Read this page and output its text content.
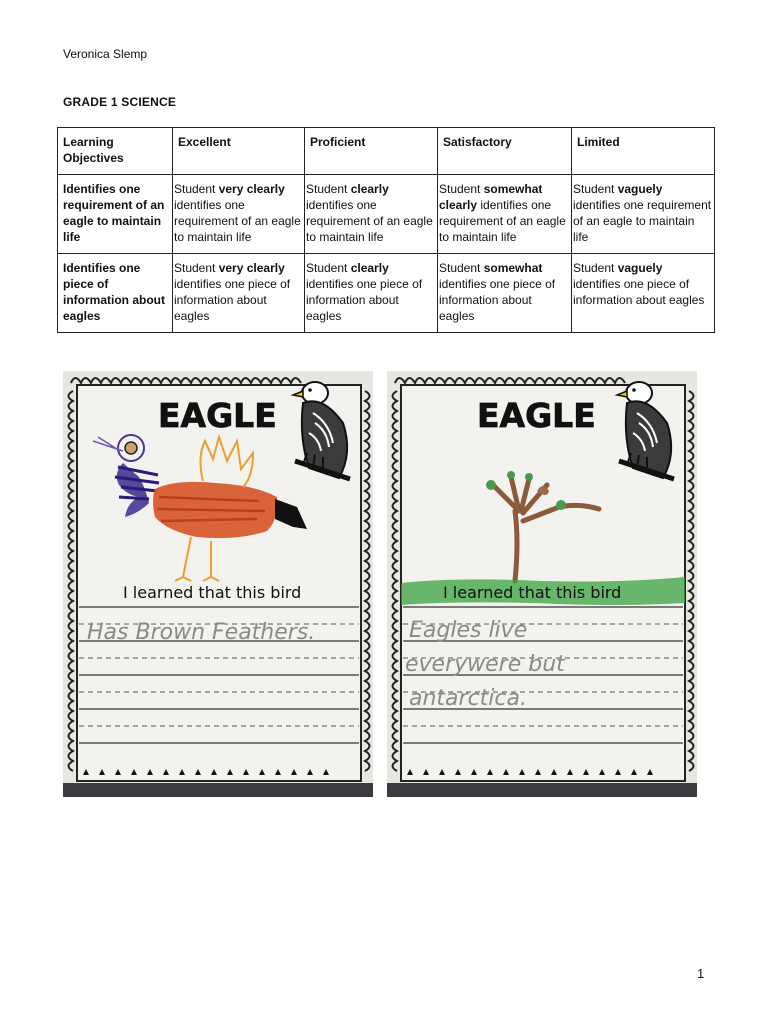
Veronica Slemp
GRADE 1 SCIENCE
Learning Objectives	Excellent	Proficient	Satisfactory	Limited
Identifies one requirement of an eagle to maintain life	Student very clearly identifies one requirement of an eagle to maintain life	Student clearly identifies one requirement of an eagle to maintain life	Student somewhat clearly identifies one requirement of an eagle to maintain life	Student vaguely identifies one requirement of an eagle to maintain life
Identifies one piece of information about eagles	Student very clearly identifies one piece of information about eagles	Student clearly identifies one piece of information about eagles	Student somewhat identifies one piece of information about eagles	Student vaguely identifies one piece of information about eagles
EAGLE
I learned that this bird
Has Brown Feathers.
EAGLE
I learned that this bird
Eagles live
everywere but
antarctica.
1
